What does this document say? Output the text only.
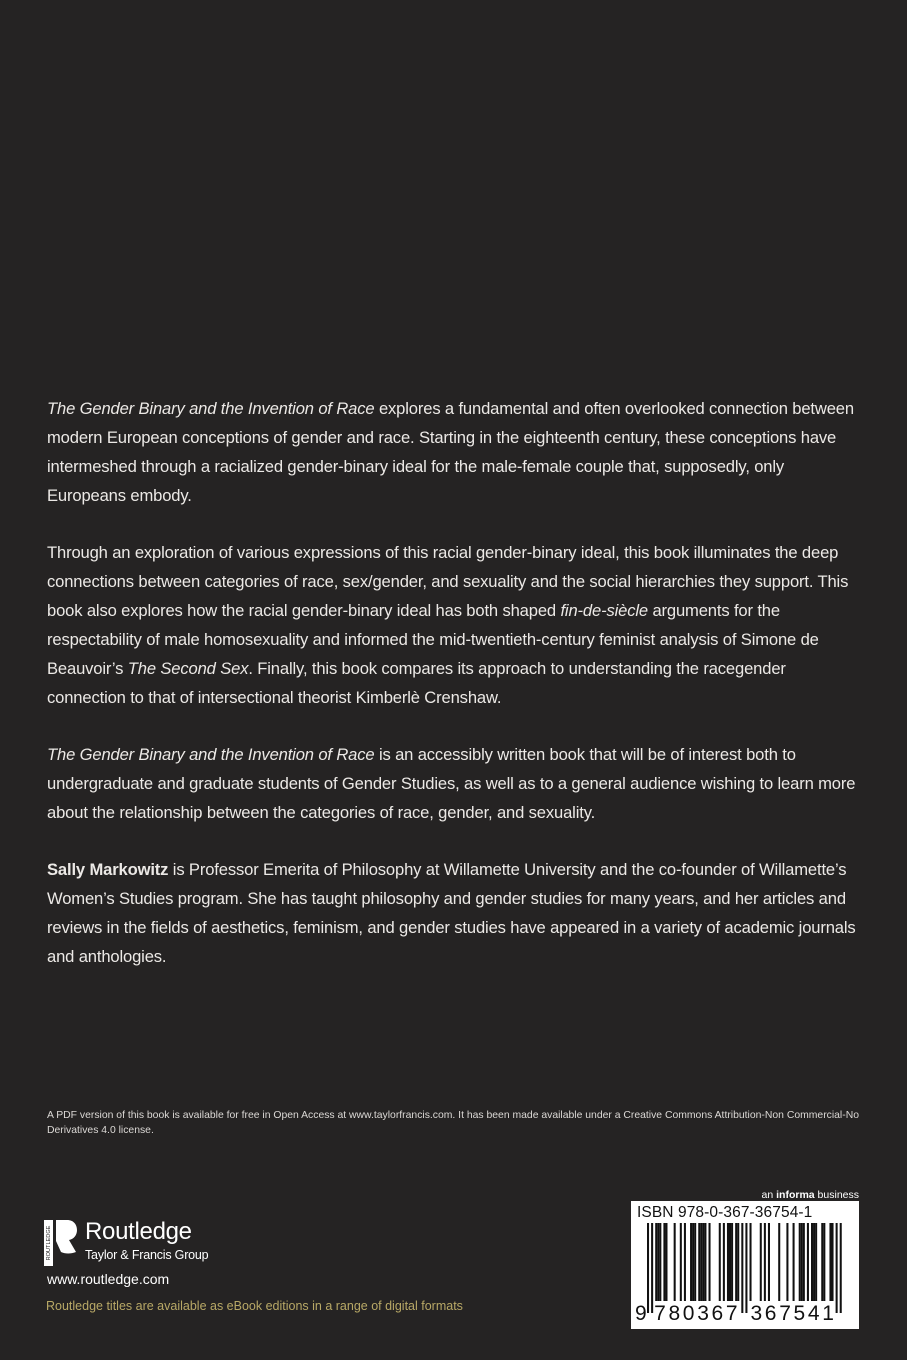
The Gender Binary and the Invention of Race explores a fundamental and often overlooked connection between modern European conceptions of gender and race. Starting in the eighteenth century, these conceptions have intermeshed through a racialized gender-binary ideal for the male-female couple that, supposedly, only Europeans embody.

Through an exploration of various expressions of this racial gender-binary ideal, this book illuminates the deep connections between categories of race, sex/gender, and sexuality and the social hierarchies they support. This book also explores how the racial gender-binary ideal has both shaped fin-de-siècle arguments for the respectability of male homosexuality and informed the mid-twentieth-century feminist analysis of Simone de Beauvoir’s The Second Sex. Finally, this book compares its approach to understanding the racegender connection to that of intersectional theorist Kimberlè Crenshaw.

The Gender Binary and the Invention of Race is an accessibly written book that will be of interest both to undergraduate and graduate students of Gender Studies, as well as to a general audience wishing to learn more about the relationship between the categories of race, gender, and sexuality.

Sally Markowitz is Professor Emerita of Philosophy at Willamette University and the co-founder of Willamette’s Women’s Studies program. She has taught philosophy and gender studies for many years, and her articles and reviews in the fields of aesthetics, feminism, and gender studies have appeared in a variety of academic journals and anthologies.

A PDF version of this book is available for free in Open Access at www.taylorfrancis.com. It has been made available under a Creative Commons Attribution-Non Commercial-No Derivatives 4.0 license.
ROUTLEDGE Routledge
Taylor & Francis Group
www.routledge.com
Routledge titles are available as eBook editions in a range of digital formats
an informa business
ISBN 978-0-367-36754-1
9 7 8 0 3 6 7 3 6 7 5 4 1
